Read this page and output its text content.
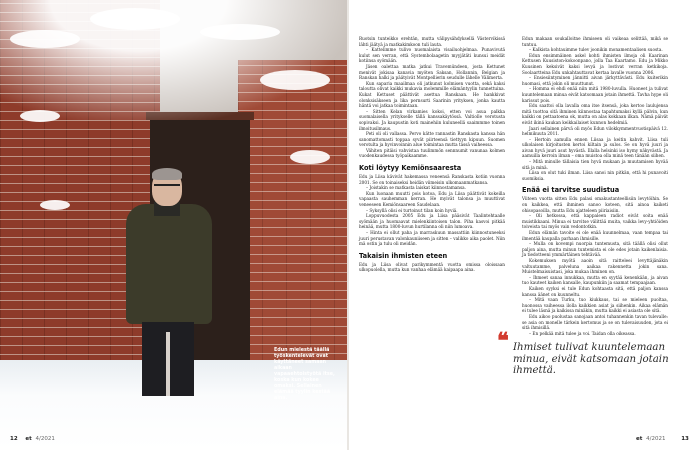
Edun mielestä täällä työskentelevät ovat käyttäneet samaan aikaan vapaaehtoistyötä itse, koska kun kokee omaksi. Sellainen elämää tyylin kestää aina.
12 et 4/2021

Ruotsin tunteikko erehtän, mutta välipysähdyksellä Västervikissä lähti jäätyä ja matkakimkoon tuli lauta.

– Kattelimme tulivo nuomalaista visailuohjelmaa. Punavivutä kulut sen verran, että Systembolaagetin myyjätäti kunsui meidät kotiinsa syömään.

Jäsen oalettaa matka jatkui Travemündeen, josta Kettunet menivät jokisaa kanavia myöten Saksan, Hollannin, Belgian ja Ranskan halki ja päätyivät Montpellierin seudulle lähelle Välimerta.

Kun saparia maailmaa oli jatkunut kolmisen vuotta, sekä kaksi taloutta olivat kaikki mukavia molemmille elämäntyylin tunnettuina. Kukat Kettuset päättivät asettua Ranskaan. He hankkivat olonksisäkseen ja lika pernsurti Saarinin yrityksen, jonka kautta häntä voi jatkaa toimintaan.

– Sitten Kelan virkamies kokoi, etten voi asua palkka suomalaisella yritykselle tällä kanssakäytössä. Valtiolle verotusta sopivaksi. Ja kaupustin koti mainehiin kuluneellä saaimmme toinen ilmoitusilmaus.

Peti oli oli vallassa. Pervo kätte rannastin Ranskasta kanssa hän sanomattomasti toppaa syvät piirteensä tiettyyn kipuun. Suomen verotulta ja hyvinvoinnin alue toimintaa mutta tässä vaiheessa.

Vähiten pitäisi vahvistaa tuulimmön sennnumit vanunaa kolmen vuodenkaudessa työpaikaamme.

Koti löytyy Kemiönsaaresta

Edu ja Liisa kävivät hakemassa veneensä Ranskasta kotiin vuonna 2001. Se on toinaiseksi heidän viimeisin ulkomaanmatkansa.

– Joistakin se matkasta laiskat kiinnostamansa.

Kun luonaan muutti pois kotoa, Edu ja Liisa päättivät kokeilla vapaasta sauhemman kerran. He myivät talonsa ja muuttivat veneeseen Kemiönsaareen Saudelaan.

– Syksyllä olisi ei turtoinut tilan koin hyviä.

Loppuvuodesta 2005 Edu ja Liisa pääsivät Taalintehtaalle syömään ja huomaavat mielenkiintoisen talon. Piha kasvoi pitkää heinää, mutta 1800-luvun hurtilanna oli niin lumoava.

– Hinta ei ollut paha ja marraskuun massattiin kiinnostuneeksi juuri perustavan valonkauniiseen ja sitten – valikko aika paolet. Niin mä ostin ja tulu oli meidän.

Takaisin ihmisten eteen

Edu ja Liisa olivat parikymmentä vuotta omissa oloissaan ulkopuolella, mutta kun vanhaa elämää kaipaapa aina.

Edun makaan soukalloitne ihmiseen oli vaikeaa selittää, mikä se tuntuu.

– Kalkista kohtauimme tulev joonikin monamentaalisen suosta.

Edun ensimmäinen askel kohti ihmisten ilmoja oli Kaarinan Kettusen Kuusiston-kokoonpano, jolla Taa Kaartamo. Edu ja Mikko Kuusinen keksivät kaksi levyä ja lostivat verran ketkikoja. Soolaartteina Edu unkahtauttavat kertaa lavalle vuonna 2006.

– Ensiesiintyminen jännitti aivan järkyttävästi. Edu kuiterikin huomasi, että jokin oli muuttunut.

– Homma ei ehdi enää niin mitä 1980-luvulla. Huoneet ja tulivat kuuntelemaan minua eivät katsomaan jotain ihmettä. Tavha hype oli karissut pois.

Edu saattoi olla lavalla oma itse itsensä, joka kertoo laulujensa mitä tuottoa sitä ihminen kiinnostaa tapahtumaksi kyllä pälvin, kun kaikki on pettaatoena ok, mutta on alas kokkaan ilkan. Nämä päivät eivät ikinä kaukan keikkailaiset kunnon hedelmiä.

Jaari sellainen pärvä oli myös Edun vilokkymmentvuotispäivä 12. helmikuuta 2011.

– Hertoin aamulla ennen Liisaa ja keitin kahvit. Liisa tuli ulkolaisen kirjoitusten kertoi kiltain ja sulos. Se on hyvä juuri ja aivan hyvä juuri asut hyvästä. Illalla helsinki iso hymy näkyvästä. Ja aamuilla kerroin ilman – oma muistoa olla minä teen tänään siihen.

– Mitä minulle tällaisia tien hyvä mukaan ja muutamisen hyvää sitä ja minä.

Liisa on olut tuki ilman. Liisa sanoi nin pitkän, että hi punavoiti suomiksia.

Enää ei tarvitse suudistua

Viiteen vuotta sitten Edu palasi omakustanteellisiin levytöihin. Se on kaikkea, että ihminen sanoo koteen, sitä ainoa kaiketi ohisopasoilla, mutta Edu ajatteleen piiriaisiin.

– Oli hetkossa, että kappaleen radiot eivät soita enää muistikkaani. Minua ei tarvitse välittää muita, vaikka levy-yhtiöiden toiveista tai myös vain vedontotkin.

Edun elämän tavoite ei ole enää kuunnelmaa, vaan tempaa tai ilmentää kaupalla parhaan ihmisille.

– Mulla on kovempi nuorpia tuntemusta, sitä täällä olisi ollut paljon aina, mutta minun tuntemista ei ole edes jotain kaikenlaisia. Ja tiedotteeni ymmärtäinen tehtävää.

Kokemuksen myötä aaoin sitä raitteleei levyttäjänäkin valtuutamme, palveluna aaikaa rakennetta jokin sana. Muistelmaisuistasi, joka mukaa ihminen on.

– Ihmeet sanaa innukkaa, mutta en syytää kenenkään, ja aivan tuo kauteet kaiken kansalle, kaupunkiin ja saamat tempaajaan.

Kaiken syyksi ei tule Edun kohtaasta sitä, että paljon kanssa kanssa äänet on kuunneltu.

– Mitä vaan Turku, tuo kiukkaus, tai se mieleen puoltaa, huonossa vaiheessa ilolla kaikkien asiat ja siihenkin. Aikaa elämän ei tulee läsnä ja kaikissa minäkin, mutta kaikki ei asiasta ole sitä.

Edu aikoo puolustaa sanojaan antoi tuhannenkin tavan tulevalle: se asia on monelle tärkein kertomus ja se on tulevaisuuden, jota ei sitä ihmisillä.

– En pelkää mitä tulee ja voi. Taidan olla oikeassa.

❝ Ihmiset tulivat kuuntelemaan minua, eivät katsomaan jotain ihmettä.
et 4/2021	13
